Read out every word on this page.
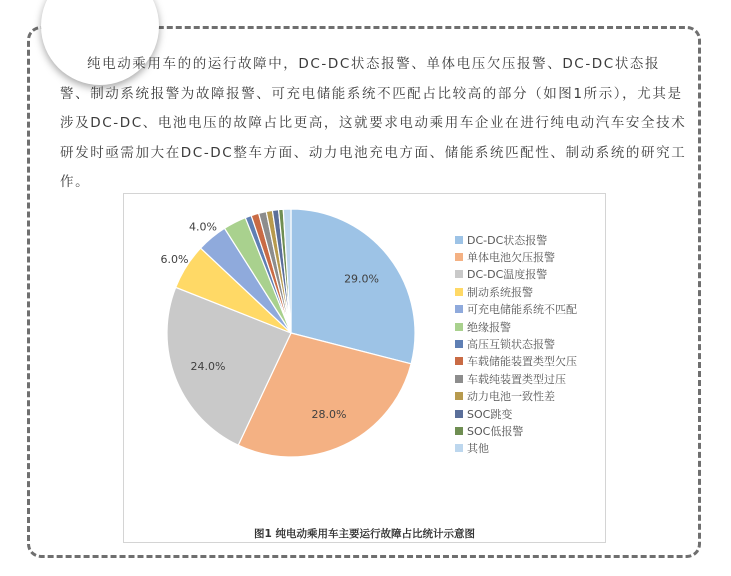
纯电动乘用车的的运行故障中，DC-DC状态报警、单体电压欠压报警、DC-DC状态报警、制动系统报警为故障报警、可充电储能系统不匹配占比较高的部分（如图1所示），尤其是涉及DC-DC、电池电压的故障占比更高，这就要求电动乘用车企业在进行纯电动汽车安全技术研发时亟需加大在DC-DC整车方面、动力电池充电方面、储能系统匹配性、制动系统的研究工作。

29.0%
28.0%
24.0%
6.0%
4.0%
DC-DC状态报警
单体电池欠压报警
DC-DC温度报警
制动系统报警
可充电储能系统不匹配
绝缘报警
高压互锁状态报警
车载储能装置类型欠压
车载纯装置类型过压
动力电池一致性差
SOC跳变
SOC低报警
其他
图1 纯电动乘用车主要运行故障占比统计示意图
